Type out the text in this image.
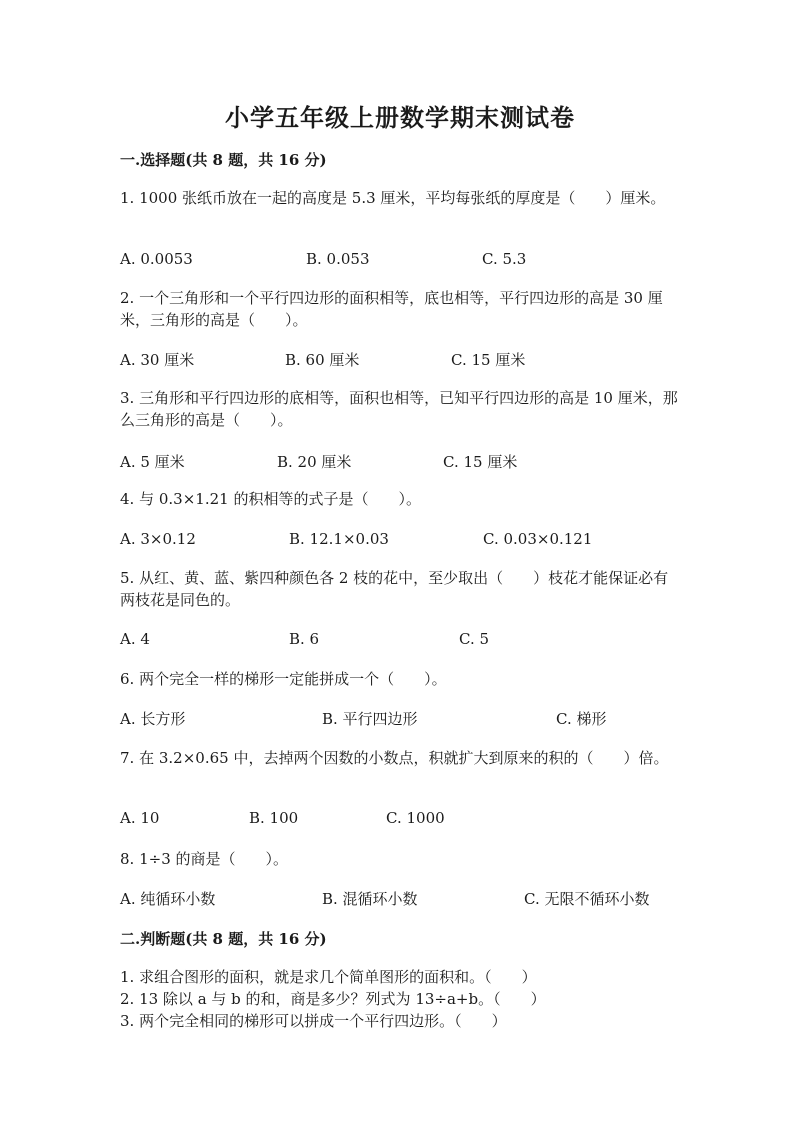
小学五年级上册数学期末测试卷
一.选择题(共 8 题，共 16 分)
1. 1000 张纸币放在一起的高度是 5.3 厘米，平均每张纸的厚度是（　　）厘米。
A. 0.0053	B. 0.053	C. 5.3
2. 一个三角形和一个平行四边形的面积相等，底也相等，平行四边形的高是 30 厘米，三角形的高是（　　）。
A. 30 厘米	B. 60 厘米	C. 15 厘米
3. 三角形和平行四边形的底相等，面积也相等，已知平行四边形的高是 10 厘米，那么三角形的高是（　　）。
A. 5 厘米	B. 20 厘米	C. 15 厘米
4. 与 0.3×1.21 的积相等的式子是（　　）。
A. 3×0.12	B. 12.1×0.03	C. 0.03×0.121
5. 从红、黄、蓝、紫四种颜色各 2 枝的花中，至少取出（　　）枝花才能保证必有两枝花是同色的。
A. 4	B. 6	C. 5
6. 两个完全一样的梯形一定能拼成一个（　　）。
A. 长方形	B. 平行四边形	C. 梯形
7. 在 3.2×0.65 中，去掉两个因数的小数点，积就扩大到原来的积的（　　）倍。
A. 10	B. 100	C. 1000
8. 1÷3 的商是（　　）。
A. 纯循环小数	B. 混循环小数	C. 无限不循环小数
二.判断题(共 8 题，共 16 分)
1. 求组合图形的面积，就是求几个简单图形的面积和。（　　）
2. 13 除以 a 与 b 的和，商是多少？列式为 13÷a+b。（　　）
3. 两个完全相同的梯形可以拼成一个平行四边形。（　　）
